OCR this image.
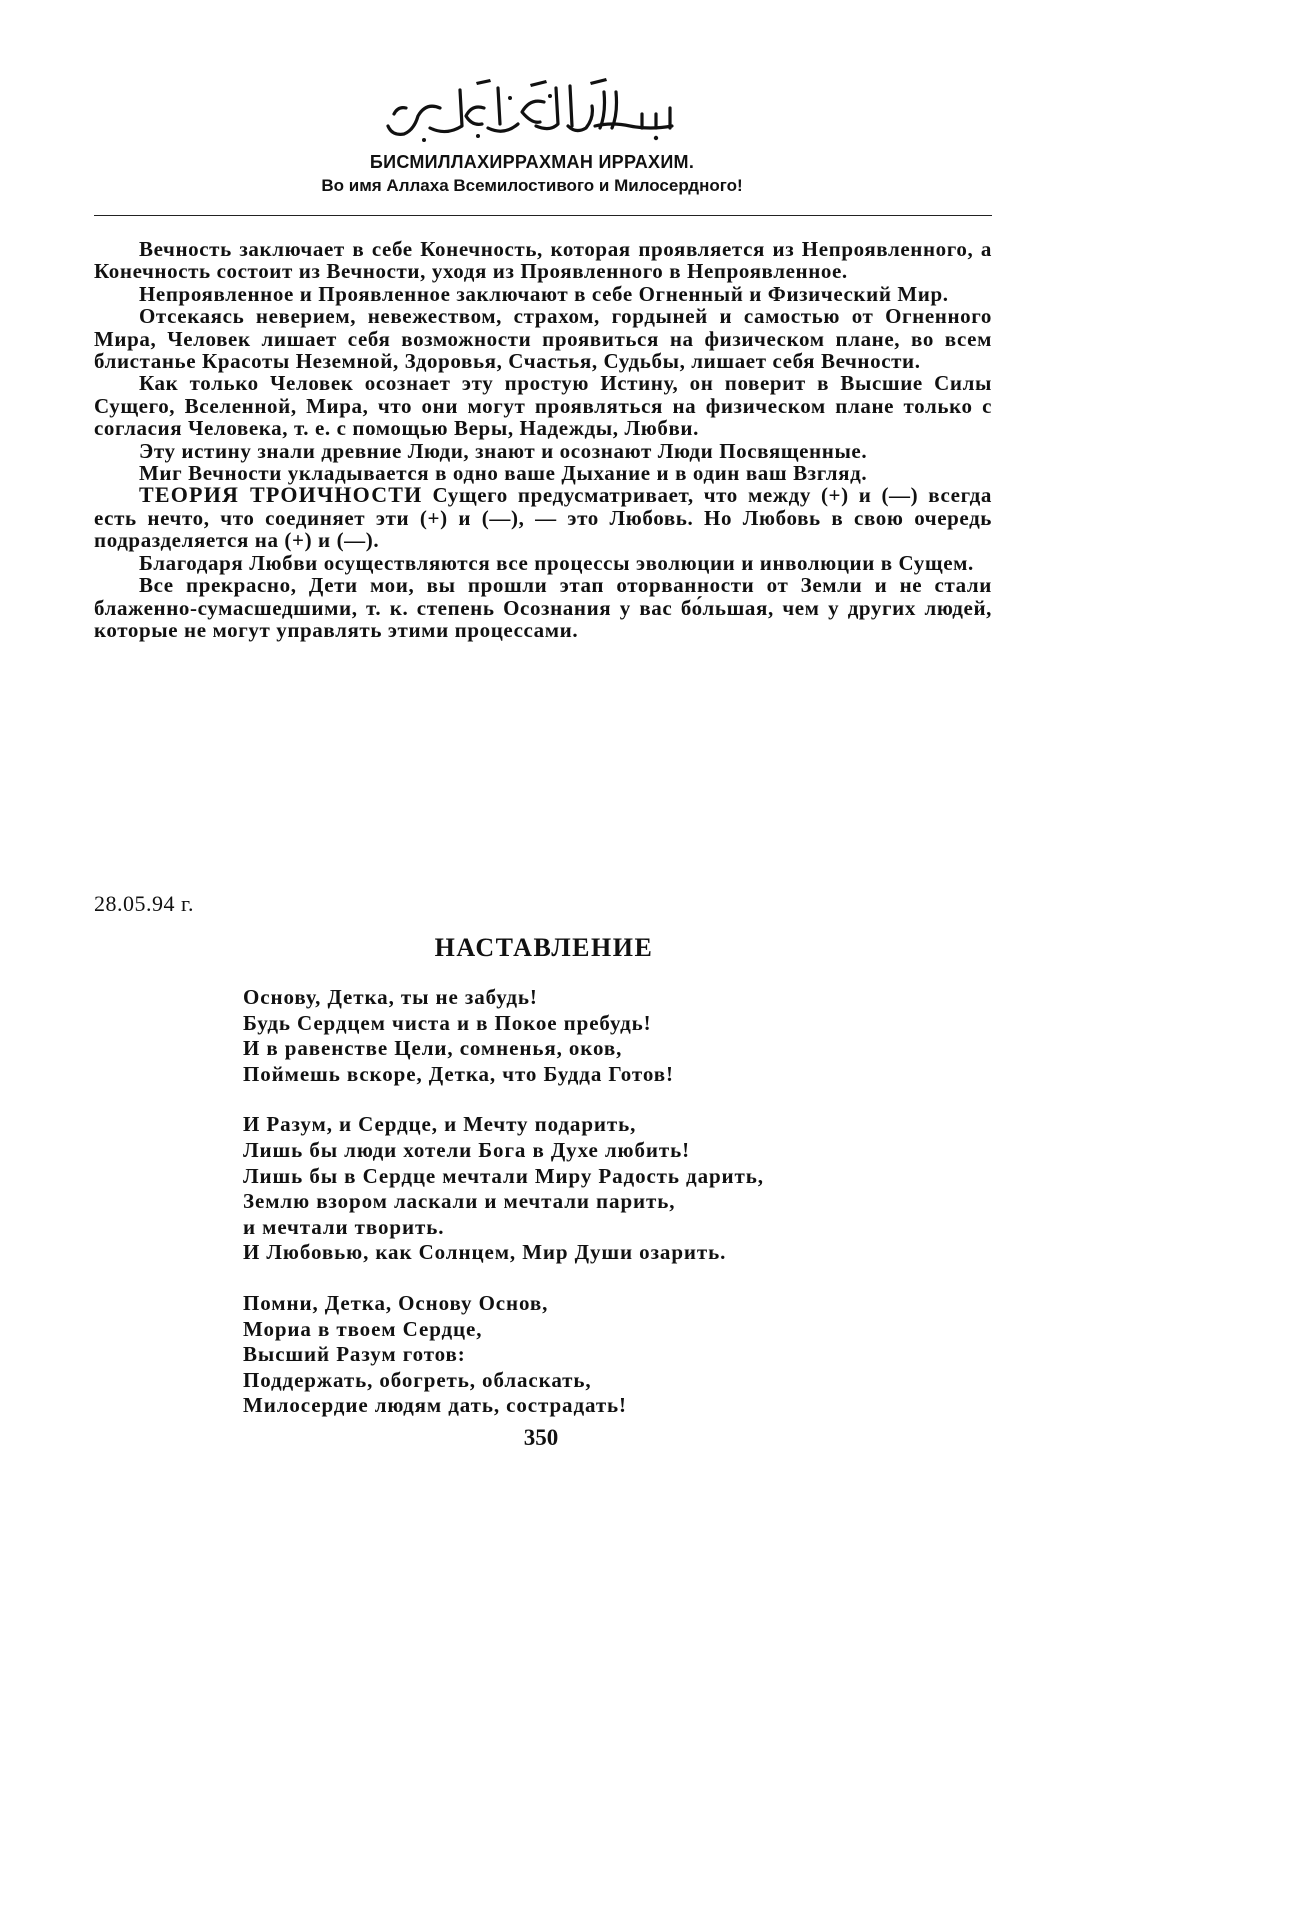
БИСМИЛЛАХИРРАХМАН ИРРАХИМ.
Во имя Аллаха Всемилостивого и Милосердного!

Вечность заключает в себе Конечность, которая проявляется из Непроявленного, а Конечность состоит из Вечности, уходя из Проявленного в Непроявленное.

Непроявленное и Проявленное заключают в себе Огненный и Физический Мир.

Отсекаясь неверием, невежеством, страхом, гордыней и самостью от Огненного Мира, Человек лишает себя возможности проявиться на физическом плане, во всем блистанье Красоты Неземной, Здоровья, Счастья, Судьбы, лишает себя Вечности.

Как только Человек осознает эту простую Истину, он поверит в Высшие Силы Сущего, Вселенной, Мира, что они могут проявляться на физическом плане только с согласия Человека, т. е. с помощью Веры, Надежды, Любви.

Эту истину знали древние Люди, знают и осознают Люди Посвященные.

Миг Вечности укладывается в одно ваше Дыхание и в один ваш Взгляд.

ТЕОРИЯ ТРОИЧНОСТИ Сущего предусматривает, что между (+) и (—) всегда есть нечто, что соединяет эти (+) и (—), — это Любовь. Но Любовь в свою очередь подразделяется на (+) и (—).

Благодаря Любви осуществляются все процессы эволюции и инволюции в Сущем.

Все прекрасно, Дети мои, вы прошли этап оторванности от Земли и не стали блаженно-сумасшедшими, т. к. степень Осознания у вас бо́льшая, чем у других людей, которые не могут управлять этими процессами.

28.05.94 г.
НАСТАВЛЕНИЕ
Основу, Детка, ты не забудь!
Будь Сердцем чиста и в Покое пребудь!
И в равенстве Цели, сомненья, оков,
Поймешь вскоре, Детка, что Будда Готов!
И Разум, и Сердце, и Мечту подарить,
Лишь бы люди хотели Бога в Духе любить!
Лишь бы в Сердце мечтали Миру Радость дарить,
Землю взором ласкали и мечтали парить,
и мечтали творить.
И Любовью, как Солнцем, Мир Души озарить.
Помни, Детка, Основу Основ,
Мориа в твоем Сердце,
Высший Разум готов:
Поддержать, обогреть, обласкать,
Милосердие людям дать, сострадать!
350
